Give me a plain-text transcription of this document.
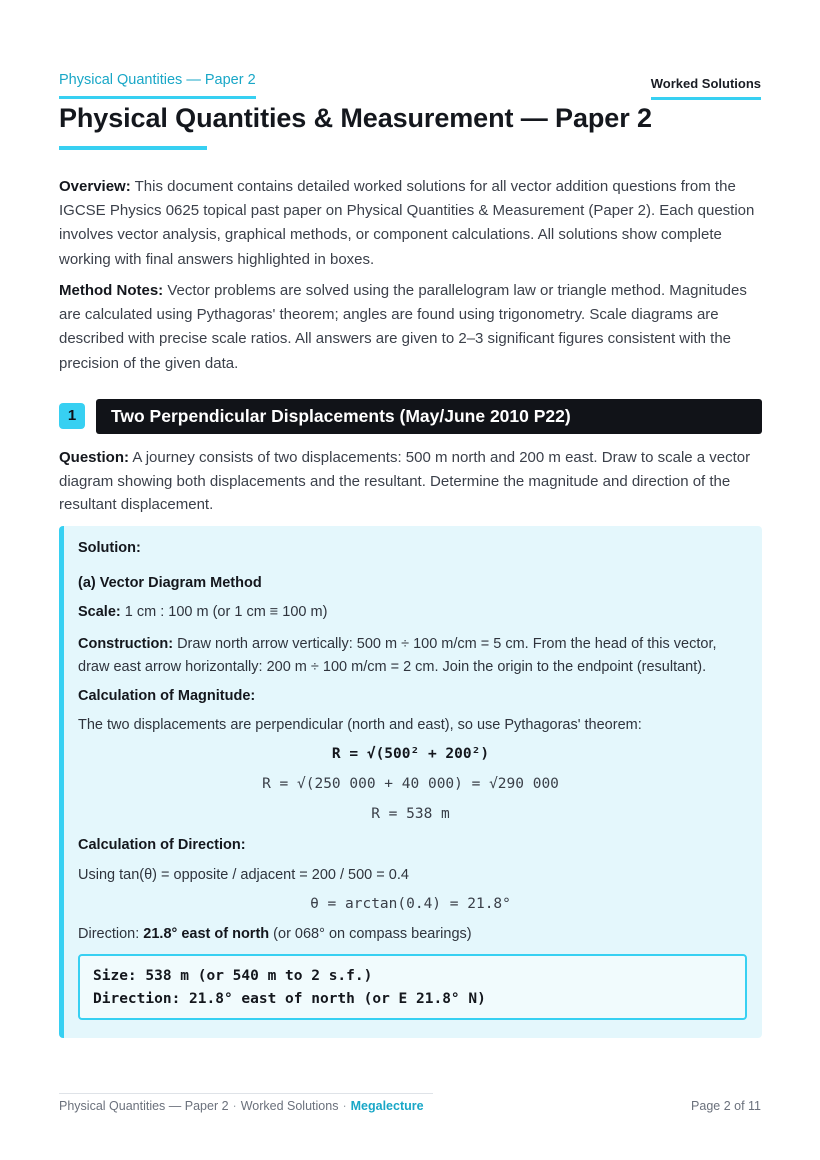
Physical Quantities — Paper 2	Worked Solutions
Physical Quantities & Measurement — Paper 2

Overview: This document contains detailed worked solutions for all vector addition questions from the IGCSE Physics 0625 topical past paper on Physical Quantities & Measurement (Paper 2). Each question involves vector analysis, graphical methods, or component calculations. All solutions show complete working with final answers highlighted in boxes.

Method Notes: Vector problems are solved using the parallelogram law or triangle method. Magnitudes are calculated using Pythagoras' theorem; angles are found using trigonometry. Scale diagrams are described with precise scale ratios. All answers are given to 2–3 significant figures consistent with the precision of the given data.

1	Two Perpendicular Displacements (May/June 2010 P22)

Question: A journey consists of two displacements: 500 m north and 200 m east. Draw to scale a vector diagram showing both displacements and the resultant. Determine the magnitude and direction of the resultant displacement.

Solution:
(a) Vector Diagram Method
Scale: 1 cm : 100 m (or 1 cm ≡ 100 m)
Construction: Draw north arrow vertically: 500 m ÷ 100 m/cm = 5 cm. From the head of this vector, draw east arrow horizontally: 200 m ÷ 100 m/cm = 2 cm. Join the origin to the endpoint (resultant).
Calculation of Magnitude:
The two displacements are perpendicular (north and east), so use Pythagoras' theorem:
R = √(500² + 200²)
R = √(250 000 + 40 000) = √290 000
R = 538 m
Calculation of Direction:
Using tan(θ) = opposite / adjacent = 200 / 500 = 0.4
θ = arctan(0.4) = 21.8°
Direction: 21.8° east of north (or 068° on compass bearings)
Size: 538 m (or 540 m to 2 s.f.)
Direction: 21.8° east of north (or E 21.8° N)
Physical Quantities — Paper 2 · Worked Solutions · Megalecture	Page 2 of 11
